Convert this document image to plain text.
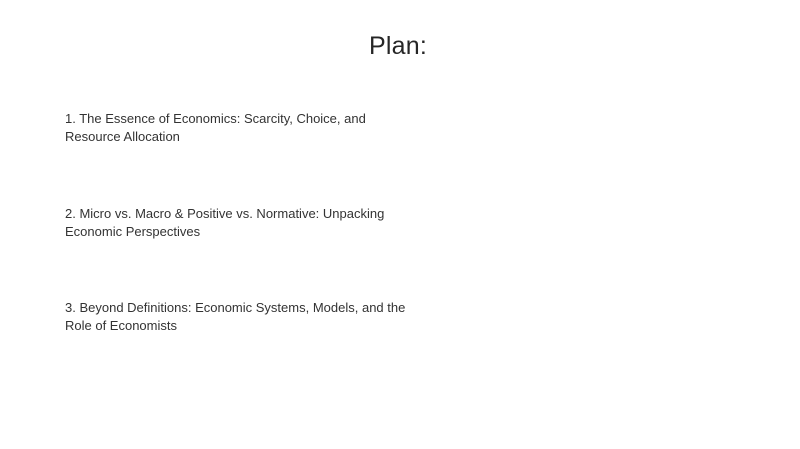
Plan:
1. The Essence of Economics: Scarcity, Choice, and Resource Allocation
2. Micro vs. Macro & Positive vs. Normative: Unpacking Economic Perspectives
3. Beyond Definitions: Economic Systems, Models, and the Role of Economists
